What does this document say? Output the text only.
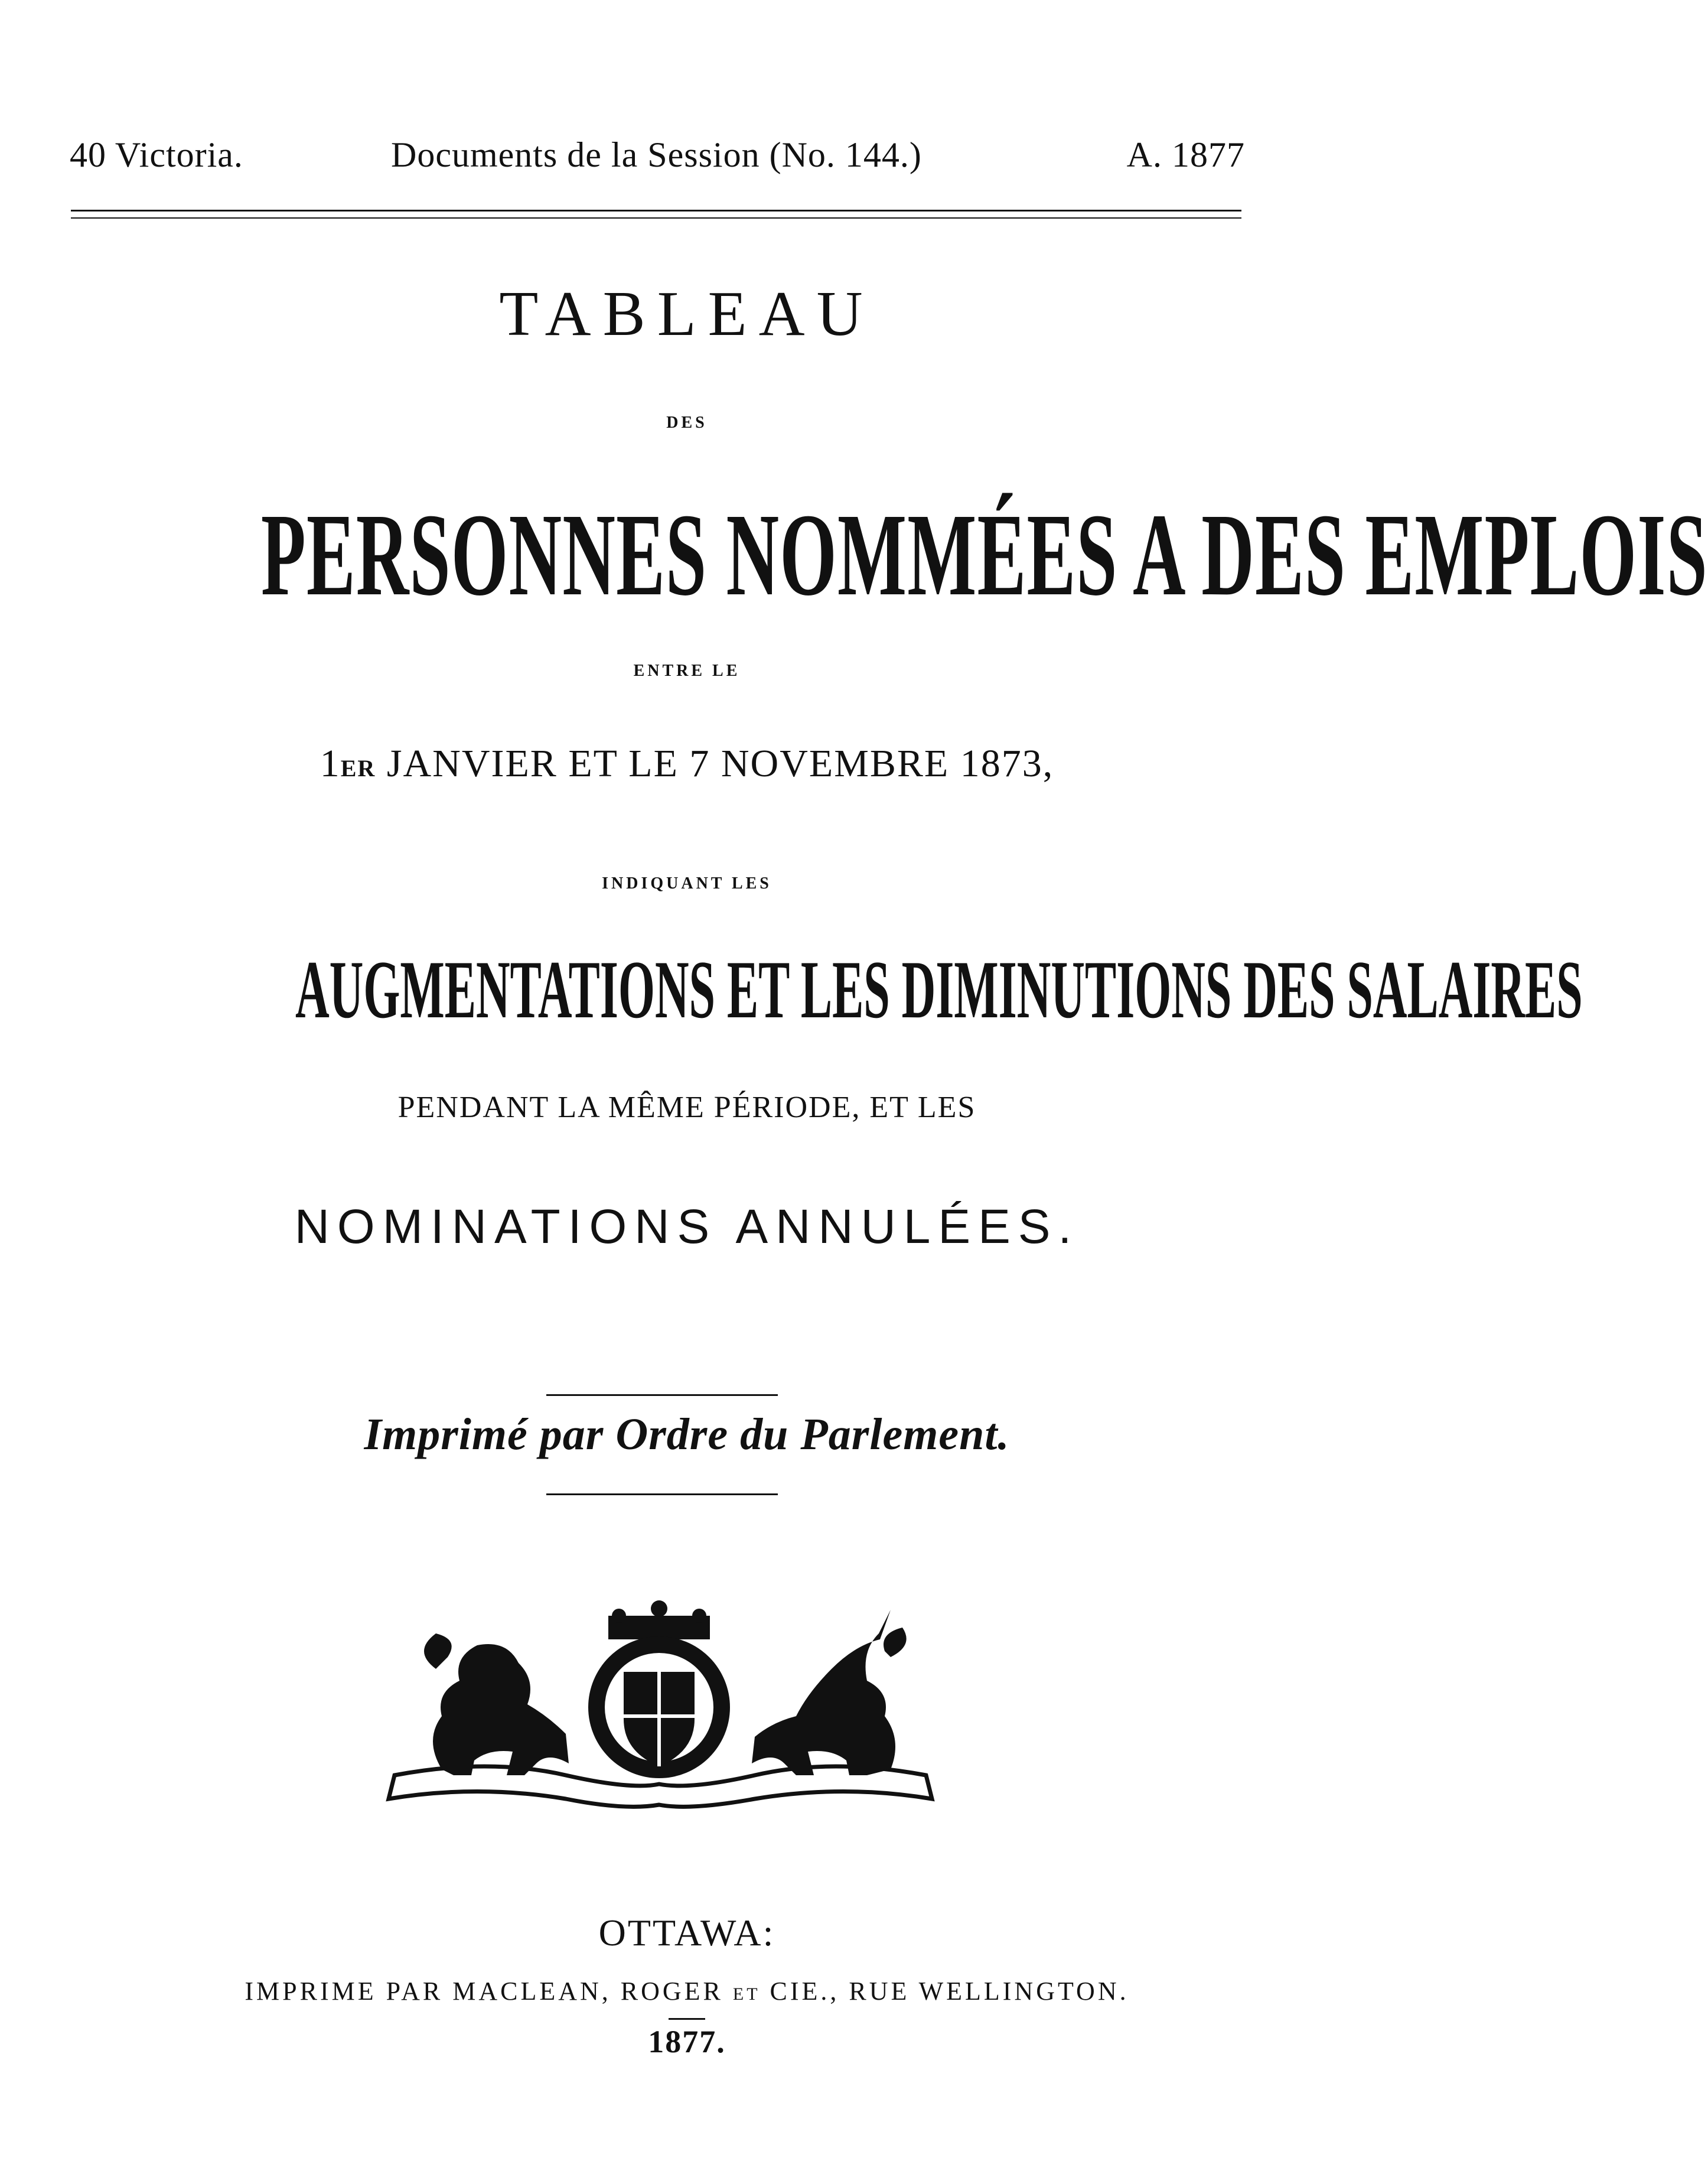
40 Victoria.	Documents de la Session (No. 144.)	A. 1877
TABLEAU
DES
PERSONNES NOMMÉES A DES EMPLOIS
ENTRE LE
1ER JANVIER ET LE 7 NOVEMBRE 1873,
INDIQUANT LES
AUGMENTATIONS ET LES DIMINUTIONS DES SALAIRES
PENDANT LA MÊME PÉRIODE, ET LES
NOMINATIONS ANNULÉES.
Imprimé par Ordre du Parlement.
OTTAWA:
IMPRIME PAR MACLEAN, ROGER ET CIE., RUE WELLINGTON.
1877.
